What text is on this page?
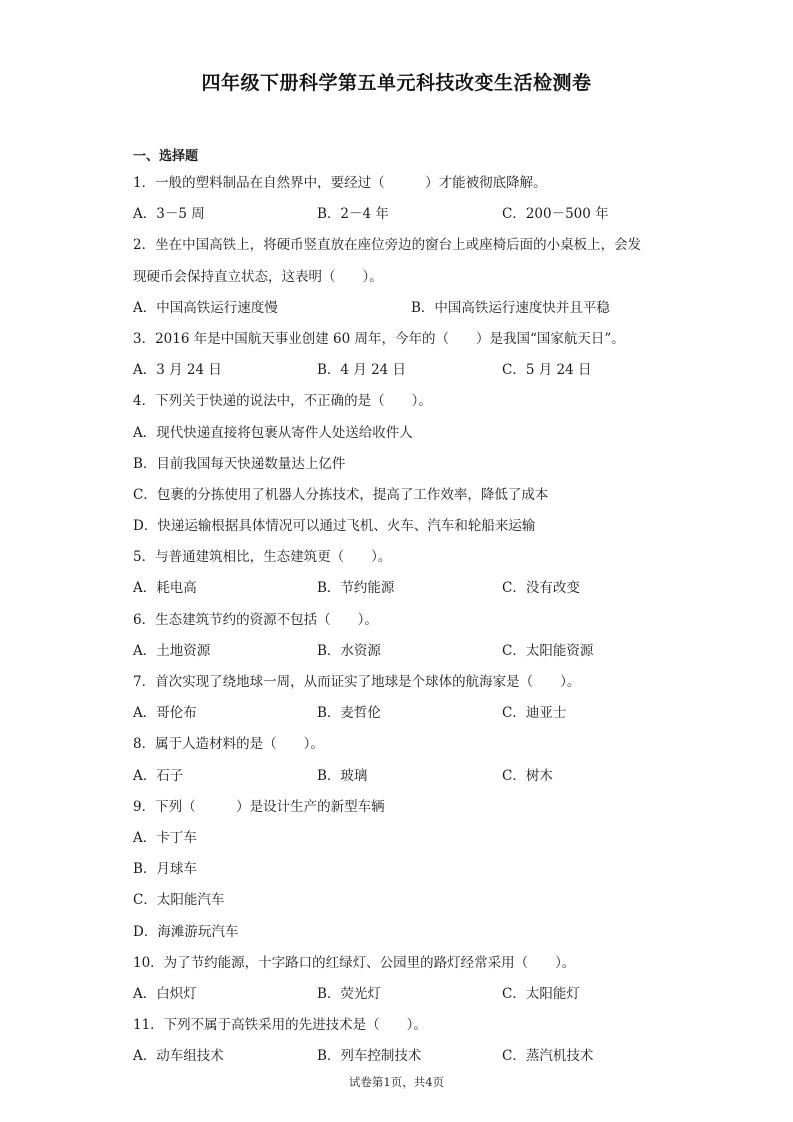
四年级下册科学第五单元科技改变生活检测卷
一、选择题
1．一般的塑料制品在自然界中，要经过（　　　）才能被彻底降解。
A．3－5 周	B．2－4 年	C．200－500 年
2．坐在中国高铁上，将硬币竖直放在座位旁边的窗台上或座椅后面的小桌板上，会发
现硬币会保持直立状态，这表明（　　）。
A．中国高铁运行速度慢	B．中国高铁运行速度快并且平稳
3．2016 年是中国航天事业创建 60 周年，今年的（　　）是我国“国家航天日”。
A．3 月 24 日	B．4 月 24 日	C．5 月 24 日
4．下列关于快递的说法中，不正确的是（　　）。
A．现代快递直接将包裹从寄件人处送给收件人
B．目前我国每天快递数量达上亿件
C．包裹的分拣使用了机器人分拣技术，提高了工作效率，降低了成本
D．快递运输根据具体情况可以通过飞机、火车、汽车和轮船来运输
5．与普通建筑相比，生态建筑更（　　）。
A．耗电高	B．节约能源	C．没有改变
6．生态建筑节约的资源不包括（　　）。
A．土地资源	B．水资源	C．太阳能资源
7．首次实现了绕地球一周，从而证实了地球是个球体的航海家是（　　）。
A．哥伦布	B．麦哲伦	C．迪亚士
8．属于人造材料的是（　　）。
A．石子	B．玻璃	C．树木
9．下列（　　　）是设计生产的新型车辆
A．卡丁车
B．月球车
C．太阳能汽车
D．海滩游玩汽车
10．为了节约能源，十字路口的红绿灯、公园里的路灯经常采用（　　）。
A．白炽灯	B．荧光灯	C．太阳能灯
11．下列不属于高铁采用的先进技术是（　　）。
A．动车组技术	B．列车控制技术	C．蒸汽机技术
试卷第1页，共4页
